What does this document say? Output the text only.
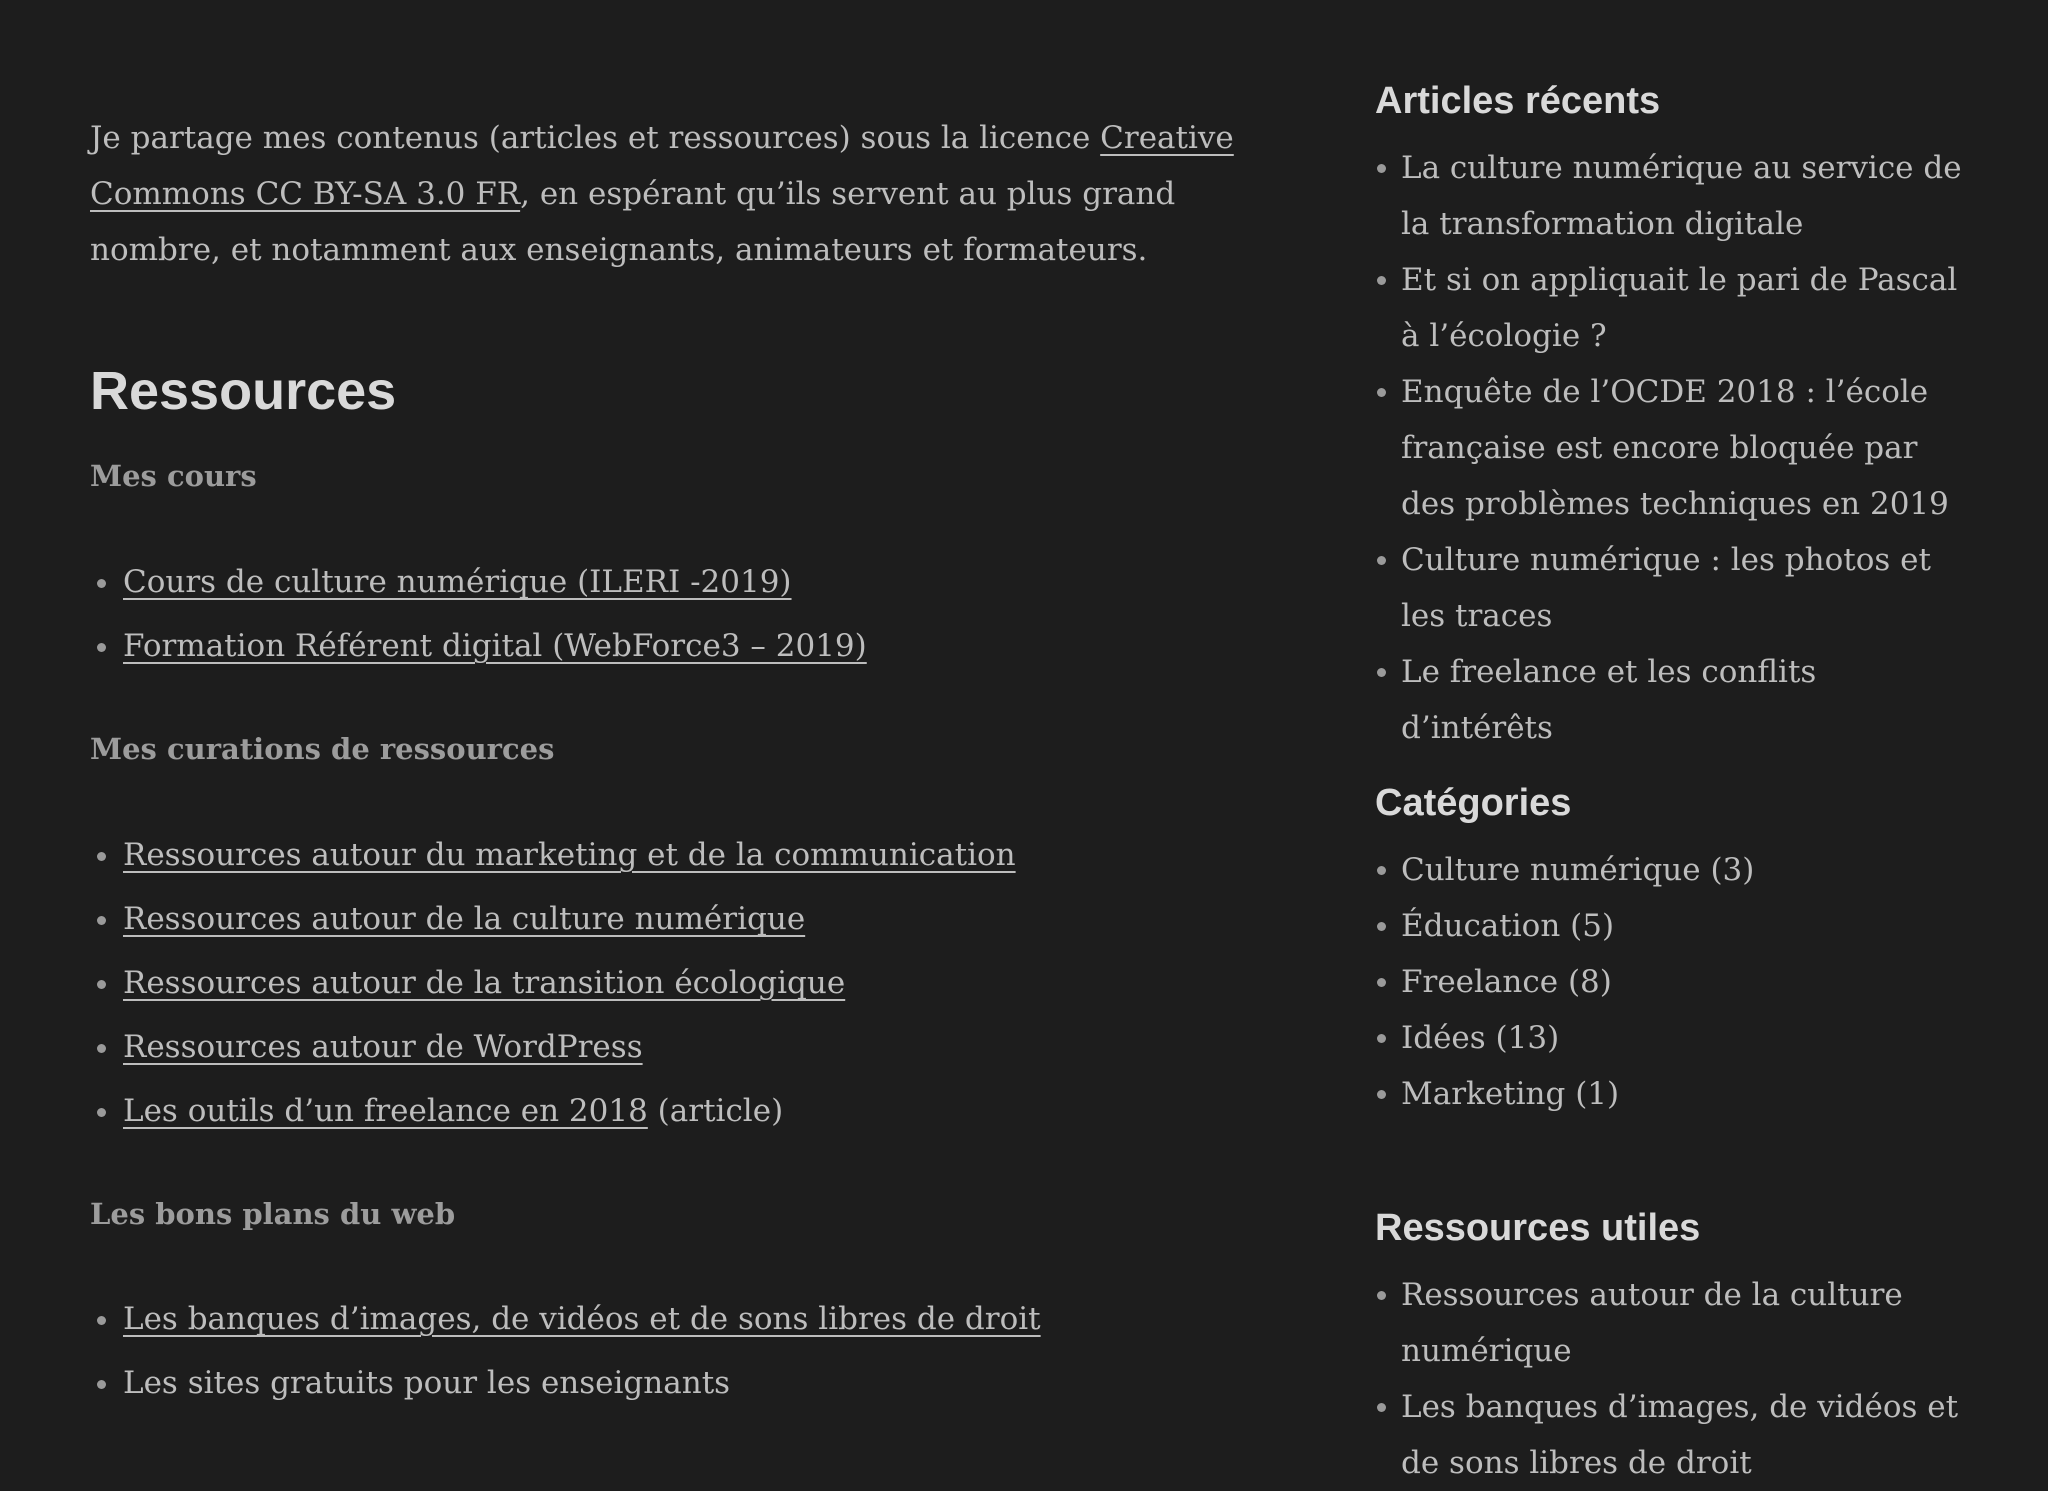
Je partage mes contenus (articles et ressources) sous la licence Creative Commons CC BY-SA 3.0 FR, en espérant qu’ils servent au plus grand nombre, et notamment aux enseignants, animateurs et formateurs.

Ressources
Mes cours
Cours de culture numérique (ILERI -2019)
Formation Référent digital (WebForce3 – 2019)
Mes curations de ressources
Ressources autour du marketing et de la communication
Ressources autour de la culture numérique
Ressources autour de la transition écologique
Ressources autour de WordPress
Les outils d’un freelance en 2018 (article)
Les bons plans du web
Les banques d’images, de vidéos et de sons libres de droit
Les sites gratuits pour les enseignants
Articles récents
La culture numérique au service de la transformation digitale
Et si on appliquait le pari de Pascal à l’écologie ?
Enquête de l’OCDE 2018 : l’école française est encore bloquée par des problèmes techniques en 2019
Culture numérique : les photos et les traces
Le freelance et les conflits d’intérêts
Catégories
Culture numérique (3)
Éducation (5)
Freelance (8)
Idées (13)
Marketing (1)
Ressources utiles
Ressources autour de la culture numérique
Les banques d’images, de vidéos et de sons libres de droit
